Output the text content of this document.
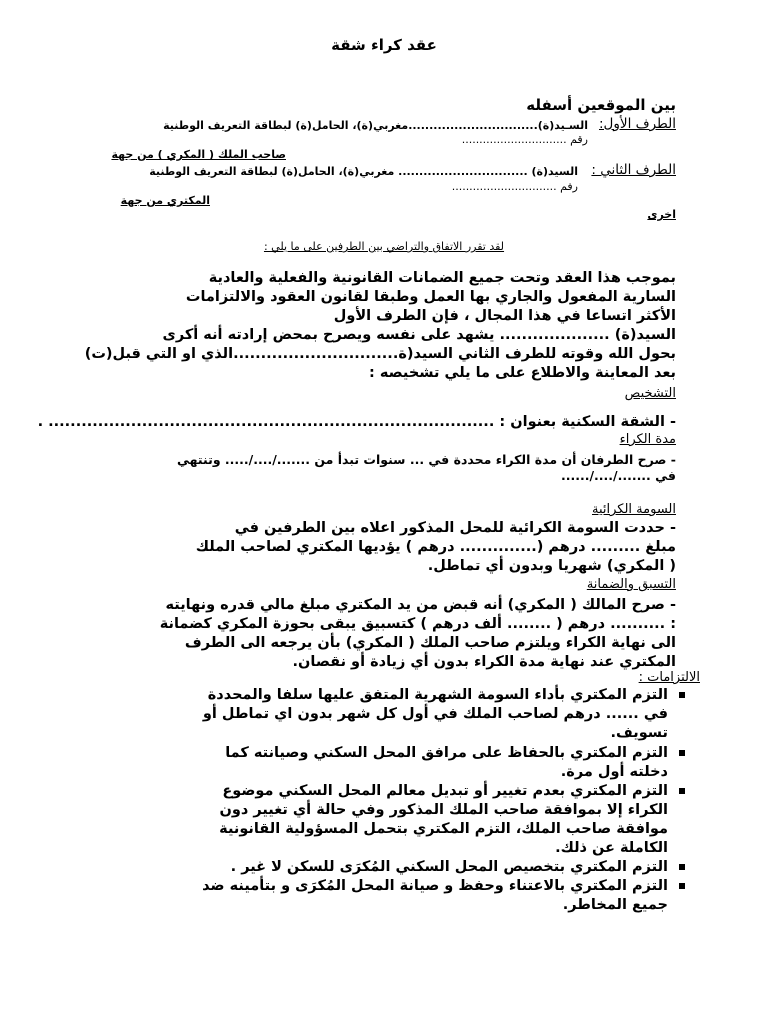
عقد كراء شقة
بين الموقعين أسفله
الطرف الأول:
السـيد(ة)...............................مغربي(ة)، الحامل(ة) لبطاقة التعريف الوطنية
رقم ..............................
صاحب الملك ( المكري ) من جهة
الطرف الثاني :
السيد(ة) ............................... مغربي(ة)، الحامل(ة) لبطاقة التعريف الوطنية
رفم ..............................
المكتري من جهة
اخرى
لقد تقرر الاتفاق والتراضي بين الطرفين على ما يلي :
بموجب هذا العقد وتحت جميع الضمانات القانونية والفعلية والعادية
السارية المفعول والجاري بها العمل وطبقا لقانون العقود والالتزامات
الأكثر اتساعا في هذا المجال ، فإن الطرف الأول
السيد(ة) .................... يشهد على نفسه ويصرح بمحض إرادته أنه أكرى
بحول الله وقوته للطرف الثاني السيد(ة..............................الذي او التي قبل(ت)
بعد المعاينة والاطلاع على ما يلي تشخيصه :
التشخيص
- الشقة السكنية بعنوان : ................................................................................. .
مدة الكراء
- صرح الطرفان أن مدة الكراء محددة في ... سنوات تبدأ من ......./..../..... وتنتهي
في ......./..../......
السومة الكرائية
- حددت السومة الكرائية للمحل المذكور اعلاه بين الطرفين في
مبلغ ......... درهم (.............. درهم ) يؤديها المكتري لصاحب الملك
( المكري) شهريا وبدون أي تماطل.
التسبق والضمانة
- صرح المالك ( المكري) أنه قبض من يد المكتري مبلغ مالي قدره ونهايته
: .......... درهم ( ........ ألف درهم ) كتسبيق يبقى بحوزة المكري كضمانة
الى نهاية الكراء ويلتزم صاحب الملك ( المكري) بأن يرجعه الى الطرف
المكتري عند نهاية مدة الكراء بدون أي زيادة أو نقصان.
الالتزامات :
التزم المكتري بأداء السومة الشهرية المتفق عليها سلفا والمحددة
في ...... درهم لصاحب الملك في أول كل شهر بدون اي تماطل أو
تسويف.
التزم المكتري بالحفاظ على مرافق المحل السكني وصيانته كما
دخلته أول مرة.
التزم المكتري بعدم تغيير أو تبديل معالم المحل السكني موضوع
الكراء إلا بموافقة صاحب الملك المذكور وفي حالة أي تغيير دون
موافقة صاحب الملك، التزم المكتري بتحمل المسؤولية القانونية
الكاملة عن ذلك.
التزم المكتري بتخصيص المحل السكني المُكرَى للسكن لا غير .
التزم المكتري بالاعتناء وحفظ و صيانة المحل المُكرَى و بتأمينه ضد
جميع المخاطر.
